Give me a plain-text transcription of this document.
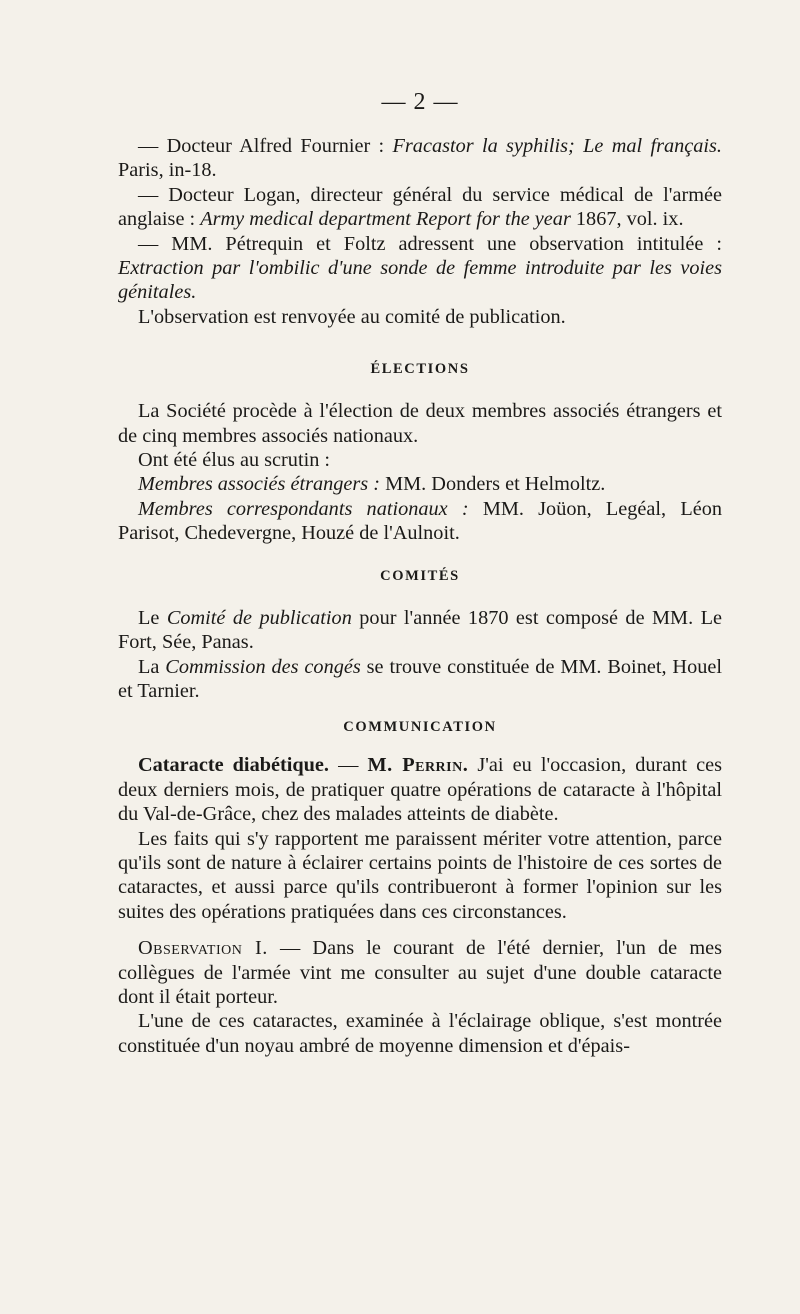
— 2 —

— Docteur Alfred Fournier : Fracastor la syphilis; Le mal français. Paris, in-18.

— Docteur Logan, directeur général du service médical de l'armée anglaise : Army medical department Report for the year 1867, vol. ix.

— MM. Pétrequin et Foltz adressent une observation intitulée : Extraction par l'ombilic d'une sonde de femme introduite par les voies génitales.

L'observation est renvoyée au comité de publication.

ÉLECTIONS

La Société procède à l'élection de deux membres associés étrangers et de cinq membres associés nationaux.

Ont été élus au scrutin :

Membres associés étrangers : MM. Donders et Helmoltz.

Membres correspondants nationaux : MM. Joüon, Legéal, Léon Parisot, Chedevergne, Houzé de l'Aulnoit.

COMITÉS

Le Comité de publication pour l'année 1870 est composé de MM. Le Fort, Sée, Panas.

La Commission des congés se trouve constituée de MM. Boinet, Houel et Tarnier.

COMMUNICATION

Cataracte diabétique. — M. Perrin. J'ai eu l'occasion, durant ces deux derniers mois, de pratiquer quatre opérations de cataracte à l'hôpital du Val-de-Grâce, chez des malades atteints de diabète.

Les faits qui s'y rapportent me paraissent mériter votre attention, parce qu'ils sont de nature à éclairer certains points de l'histoire de ces sortes de cataractes, et aussi parce qu'ils contribueront à former l'opinion sur les suites des opérations pratiquées dans ces circonstances.

Observation I. — Dans le courant de l'été dernier, l'un de mes collègues de l'armée vint me consulter au sujet d'une double cataracte dont il était porteur.

L'une de ces cataractes, examinée à l'éclairage oblique, s'est montrée constituée d'un noyau ambré de moyenne dimension et d'épais-
